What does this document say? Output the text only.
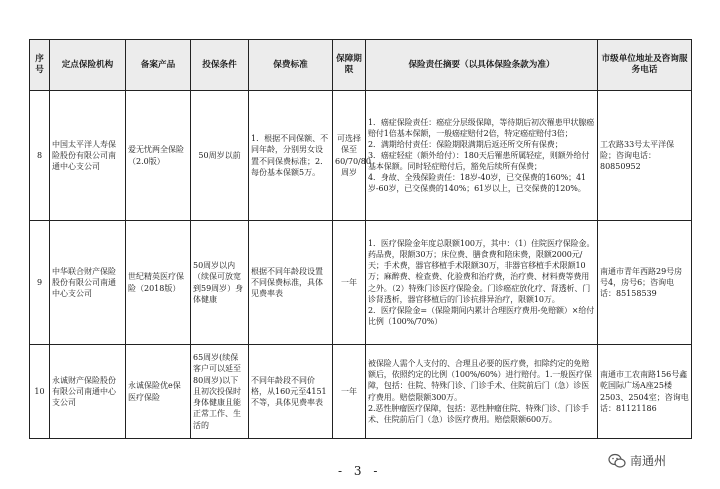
序号	定点保险机构	备案产品	投保条件	保费标准	保障期限	保险责任摘要（以具体保险条款为准）	市级单位地址及咨询服务电话
8	中国太平洋人寿保险股份有限公司南通中心支公司	爱无忧两全保险（2.0版）	50周岁以前	1．根据不同保额、不同年龄，分别男女设置不同保费标准；2．每份基本保额5万。	可选择保至60/70/80周岁	1．癌症保险责任：癌症分层级保障，等待期后初次罹患甲状腺癌赔付1倍基本保额，一般癌症赔付2倍，特定癌症赔付3倍；
2．满期给付责任：保险期限满期后返还所交所有保费；
3．癌症轻症（额外给付）：180天后罹患所属轻症，则额外给付基本保额。同时轻症赔付后，豁免后续所有保费；
4．身故、全残保险责任：18岁-40岁，已交保费的160%；41岁-60岁，已交保费的140%；61岁以上，已交保费的120%。	工农路33号太平洋保险；咨询电话：80850952
9	中华联合财产保险股份有限公司南通中心支公司	世纪精英医疗保险（2018版）	50周岁以内（续保可放宽到59周岁）身体健康	根据不同年龄段设置不同保费标准，具体见费率表	一年	1．医疗保险金年度总限额100万，其中：（1）住院医疗保险金。药品费，限额30万；床位费、膳食费和陪床费，限额2000元/天；手术费，器官移植手术限额30万，非器官移植手术限额10万；麻醉费、检查费、化验费和治疗费，治疗费、材料费等费用之外。（2）特殊门诊医疗保险金。门诊癌症放化疗、肾透析、门诊肾透析，器官移植后的门诊抗排异治疗，限额10万。
2．医疗保险金=（保险期间内累计合理医疗费用-免赔额）×给付比例（100%/70%）	南通市青年西路29号房号4，房号6；咨询电话：85158539
10	永诚财产保险股份有限公司南通中心支公司	永诚保险优e保医疗保险	65周岁(续保客户可以延至80周岁)以下且初次投保时身体健康且能正常工作、生活的	不同年龄段不同价格，从160元至4151不等，具体见费率表	一年	被保险人需个人支付的、合理且必要的医疗费，扣除约定的免赔额后，依照约定的比例（100%/60%）进行赔付。1.一般医疗保障，包括：住院、特殊门诊、门诊手术、住院前后门（急）诊医疗费用。赔偿限额300万。
2.恶性肿瘤医疗保障，包括：恶性肿瘤住院、特殊门诊、门诊手术、住院前后门（急）诊医疗费用。赔偿限额600万。	南通市工农南路156号鑫乾国际广场A座25楼2503、2504室；咨询电话：81121186
- 3 -
南通州
